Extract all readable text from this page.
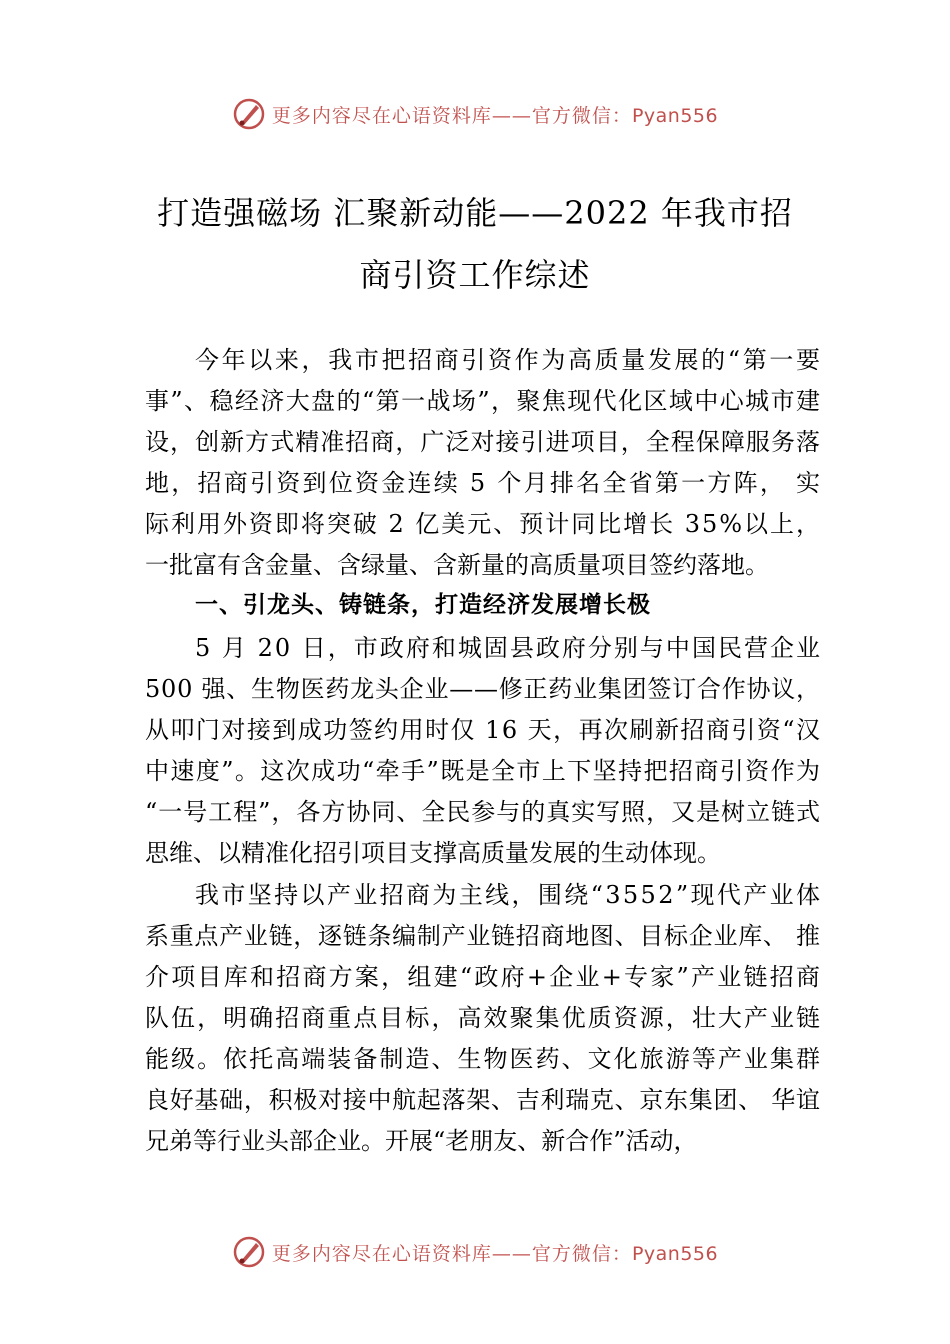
更多内容尽在心语资料库——官方微信：Pyan556
打造强磁场 汇聚新动能——2022 年我市招
商引资工作综述
今年以来，我市把招商引资作为高质量发展的“第一要
事”、稳经济大盘的“第一战场”，聚焦现代化区域中心城市建
设，创新方式精准招商，广泛对接引进项目，全程保障服务落
地，招商引资到位资金连续 5 个月排名全省第一方阵， 实
际利用外资即将突破 2 亿美元、预计同比增长 35%以上，
一批富有含金量、含绿量、含新量的高质量项目签约落地。
一、引龙头、铸链条，打造经济发展增长极
5 月 20 日，市政府和城固县政府分别与中国民营企业
500 强、生物医药龙头企业——修正药业集团签订合作协议，
从叩门对接到成功签约用时仅 16 天，再次刷新招商引资“汉
中速度”。这次成功“牵手”既是全市上下坚持把招商引资作为
“一号工程”，各方协同、全民参与的真实写照，又是树立链式
思维、以精准化招引项目支撑高质量发展的生动体现。
我市坚持以产业招商为主线，围绕“3552”现代产业体
系重点产业链，逐链条编制产业链招商地图、目标企业库、 推
介项目库和招商方案，组建“政府+企业+专家”产业链招商
队伍，明确招商重点目标，高效聚集优质资源，壮大产业链
能级。依托高端装备制造、生物医药、文化旅游等产业集群
良好基础，积极对接中航起落架、吉利瑞克、京东集团、 华谊
兄弟等行业头部企业。开展“老朋友、新合作”活动，
更多内容尽在心语资料库——官方微信：Pyan556
